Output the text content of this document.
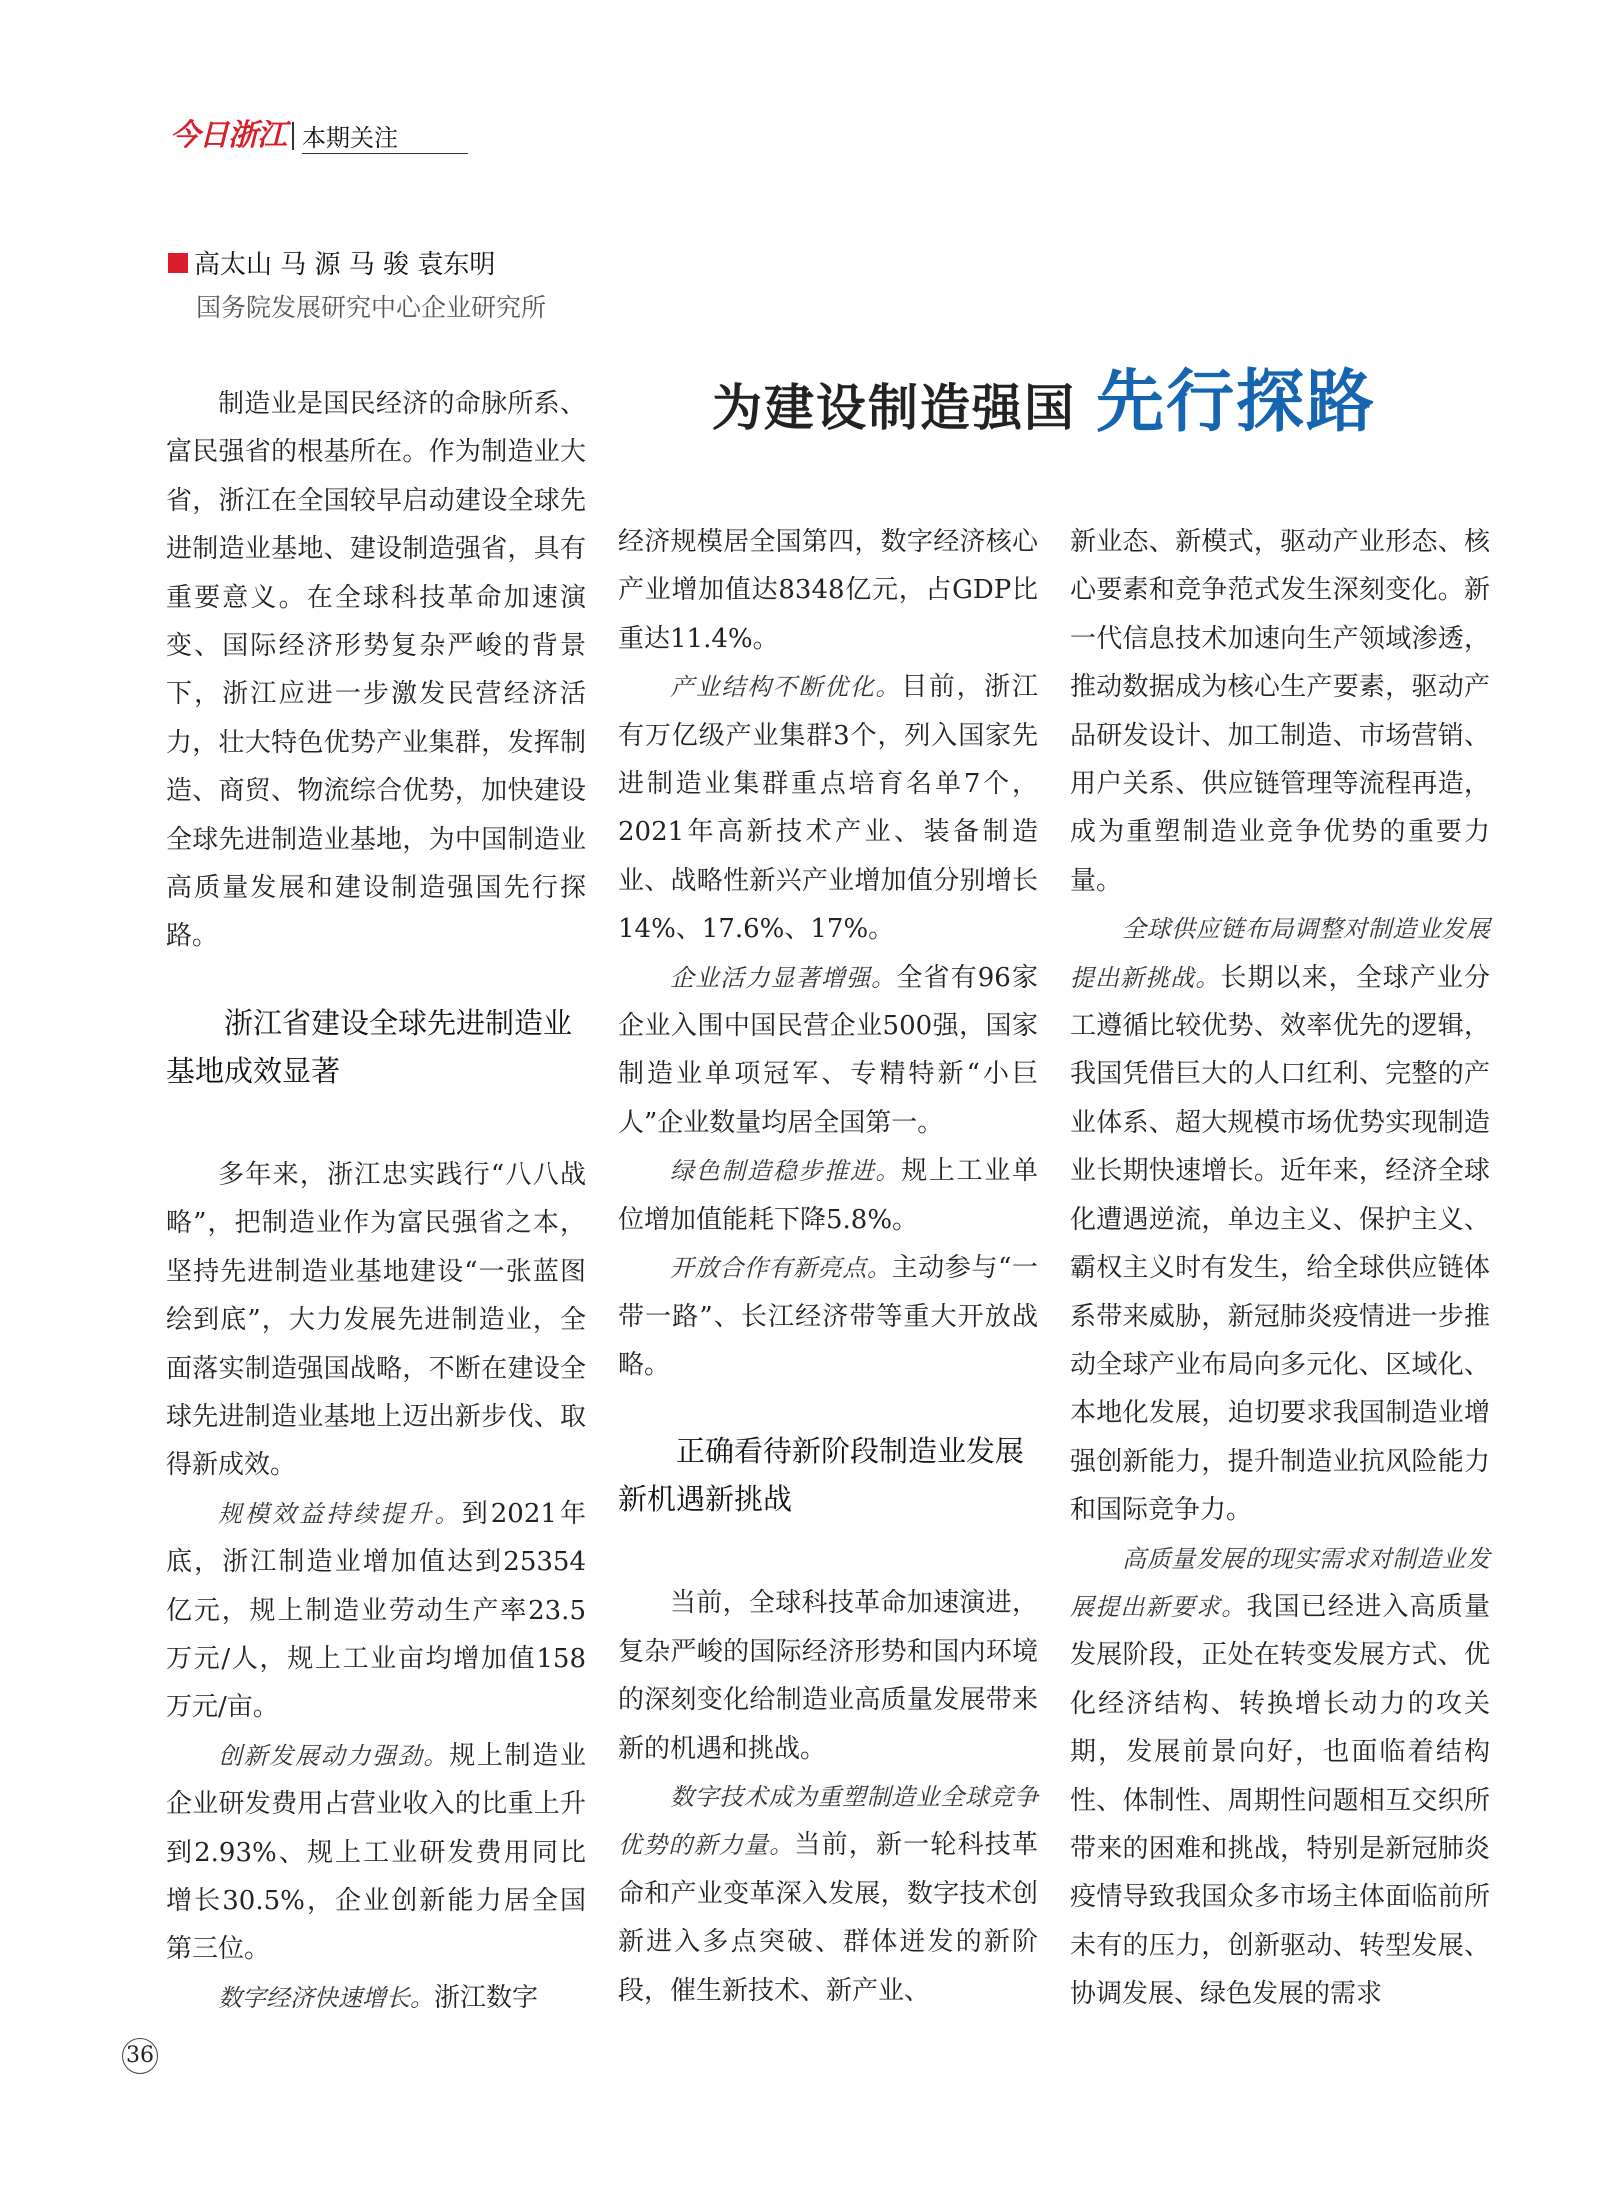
今日浙江 本期关注
高太山 马 源 马 骏 袁东明
国务院发展研究中心企业研究所
为建设制造强国 先行探路

制造业是国民经济的命脉所系、富民强省的根基所在。作为制造业大省，浙江在全国较早启动建设全球先进制造业基地、建设制造强省，具有重要意义。在全球科技革命加速演变、国际经济形势复杂严峻的背景下，浙江应进一步激发民营经济活力，壮大特色优势产业集群，发挥制造、商贸、物流综合优势，加快建设全球先进制造业基地，为中国制造业高质量发展和建设制造强国先行探路。

浙江省建设全球先进制造业基地成效显著

多年来，浙江忠实践行“八八战略”，把制造业作为富民强省之本，坚持先进制造业基地建设“一张蓝图绘到底”，大力发展先进制造业，全面落实制造强国战略，不断在建设全球先进制造业基地上迈出新步伐、取得新成效。

规模效益持续提升。到2021年底，浙江制造业增加值达到25354亿元，规上制造业劳动生产率23.5万元/人，规上工业亩均增加值158万元/亩。

创新发展动力强劲。规上制造业企业研发费用占营业收入的比重上升到2.93%、规上工业研发费用同比增长30.5%，企业创新能力居全国第三位。

数字经济快速增长。浙江数字

经济规模居全国第四，数字经济核心产业增加值达8348亿元，占GDP比重达11.4%。

产业结构不断优化。目前，浙江有万亿级产业集群3个，列入国家先进制造业集群重点培育名单7个，2021年高新技术产业、装备制造业、战略性新兴产业增加值分别增长14%、17.6%、17%。

企业活力显著增强。全省有96家企业入围中国民营企业500强，国家制造业单项冠军、专精特新“小巨人”企业数量均居全国第一。

绿色制造稳步推进。规上工业单位增加值能耗下降5.8%。

开放合作有新亮点。主动参与“一带一路”、长江经济带等重大开放战略。

正确看待新阶段制造业发展新机遇新挑战

当前，全球科技革命加速演进，复杂严峻的国际经济形势和国内环境的深刻变化给制造业高质量发展带来新的机遇和挑战。

数字技术成为重塑制造业全球竞争优势的新力量。当前，新一轮科技革命和产业变革深入发展，数字技术创新进入多点突破、群体迸发的新阶段，催生新技术、新产业、

新业态、新模式，驱动产业形态、核心要素和竞争范式发生深刻变化。新一代信息技术加速向生产领域渗透，推动数据成为核心生产要素，驱动产品研发设计、加工制造、市场营销、用户关系、供应链管理等流程再造，成为重塑制造业竞争优势的重要力量。

全球供应链布局调整对制造业发展提出新挑战。长期以来，全球产业分工遵循比较优势、效率优先的逻辑，我国凭借巨大的人口红利、完整的产业体系、超大规模市场优势实现制造业长期快速增长。近年来，经济全球化遭遇逆流，单边主义、保护主义、霸权主义时有发生，给全球供应链体系带来威胁，新冠肺炎疫情进一步推动全球产业布局向多元化、区域化、本地化发展，迫切要求我国制造业增强创新能力，提升制造业抗风险能力和国际竞争力。

高质量发展的现实需求对制造业发展提出新要求。我国已经进入高质量发展阶段，正处在转变发展方式、优化经济结构、转换增长动力的攻关期，发展前景向好，也面临着结构性、体制性、周期性问题相互交织所带来的困难和挑战，特别是新冠肺炎疫情导致我国众多市场主体面临前所未有的压力，创新驱动、转型发展、协调发展、绿色发展的需求

36
